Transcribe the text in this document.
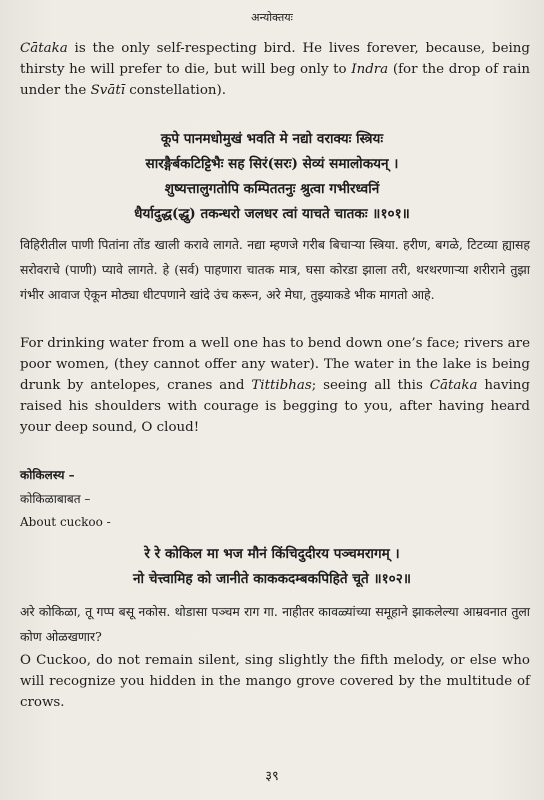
अन्योक्तयः

Cātaka is the only self-respecting bird. He lives forever, because, being thirsty he will prefer to die, but will beg only to Indra (for the drop of rain under the Svātī constellation).

कूपे पानमधोमुखं भवति मे नद्यो वराक्यः स्त्रियः
सारङ्गैर्बकटिट्टिभैः सह सिरं(सरः) सेव्यं समालोकयन् ।
शुष्यत्तालुगतोपि कम्पिततनुः श्रुत्वा गभीरध्वनिं
धैर्यादुद्ध(द्धु) तकन्धरो जलधर त्वां याचते चातकः ॥१०१॥

विहिरीतील पाणी पितांना तोंड खाली करावे लागते. नद्या म्हणजे गरीब बिचाऱ्या स्त्रिया. हरीण, बगळे, टिटव्या ह्यासह सरोवराचे (पाणी) प्यावे लागते. हे (सर्व) पाहणारा चातक मात्र, घसा कोरडा झाला तरी, थरथरणाऱ्या शरीराने तुझा गंभीर आवाज ऐकून मोठ्या धीटपणाने खांदे उंच करून, अरे मेघा, तुझ्याकडे भीक मागतो आहे.

For drinking water from a well one has to bend down one’s face; rivers are poor women, (they cannot offer any water). The water in the lake is being drunk by antelopes, cranes and Tittibhas; seeing all this Cātaka having raised his shoulders with courage is begging to you, after having heard your deep sound, O cloud!

कोकिलस्य –
कोकिळाबाबत –
About cuckoo -
रे रे कोकिल मा भज मौनं किंचिदुदीरय पञ्चमरागम् ।
नो चेत्त्वामिह को जानीते काककदम्बकपिहिते चूते ॥१०२॥

अरे कोकिळा, तू गप्प बसू नकोस. थोडासा पञ्चम राग गा. नाहीतर कावळ्यांच्या समूहाने झाकलेल्या आम्रवनात तुला कोण ओळखणार?

O Cuckoo, do not remain silent, sing slightly the fifth melody, or else who will recognize you hidden in the mango grove covered by the multitude of crows.

३९
